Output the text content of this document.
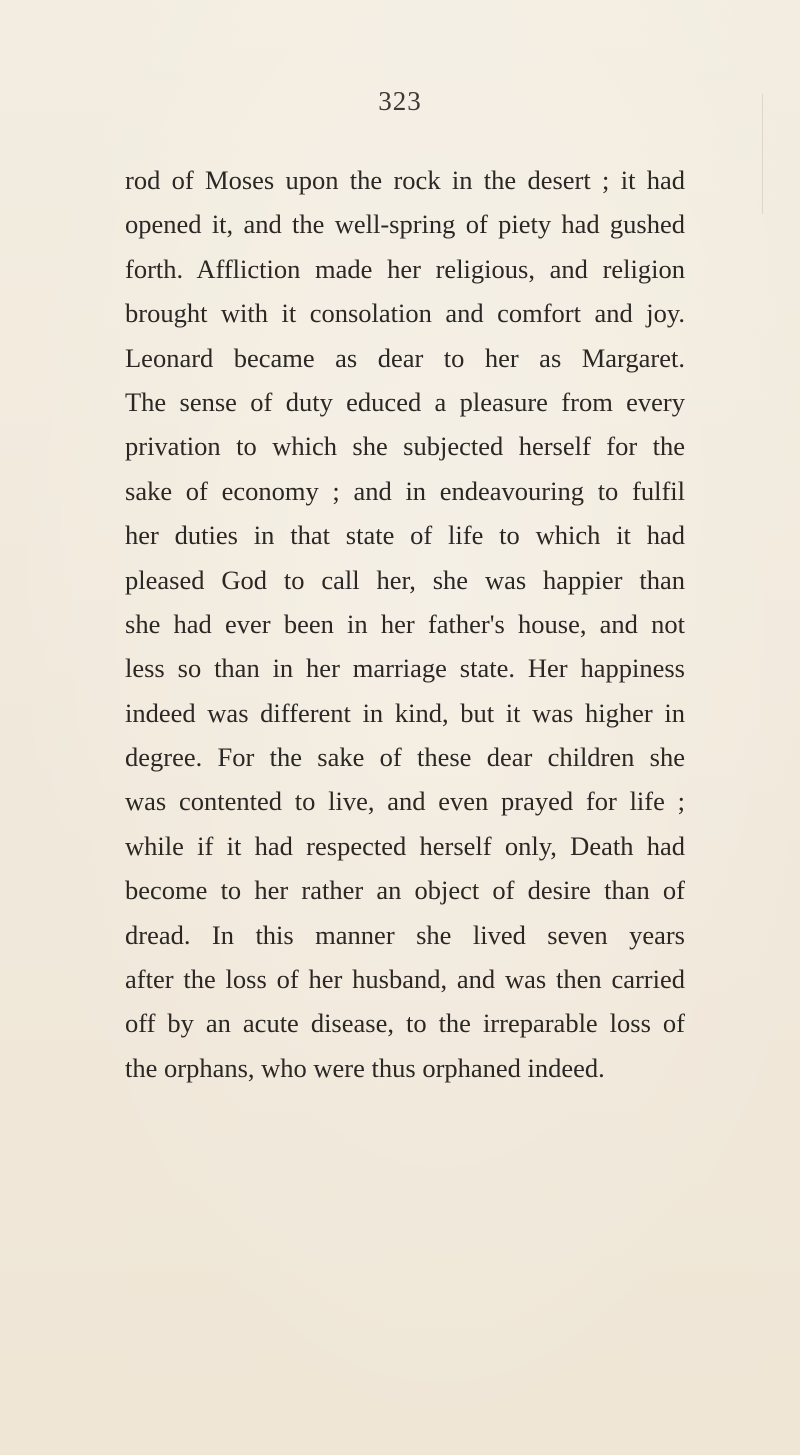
323
rod of Moses upon the rock in the desert ; it had
opened it, and the well-spring of piety had gushed
forth. Affliction made her religious, and religion
brought with it consolation and comfort and joy.
Leonard became as dear to her as Margaret.
The sense of duty educed a pleasure from every
privation to which she subjected herself for the
sake of economy ; and in endeavouring to fulfil
her duties in that state of life to which it had
pleased God to call her, she was happier than
she had ever been in her father's house, and not
less so than in her marriage state. Her happiness
indeed was different in kind, but it was higher in
degree. For the sake of these dear children she
was contented to live, and even prayed for life ;
while if it had respected herself only, Death had
become to her rather an object of desire than of
dread. In this manner she lived seven years
after the loss of her husband, and was then carried
off by an acute disease, to the irreparable loss of
the orphans, who were thus orphaned indeed.
